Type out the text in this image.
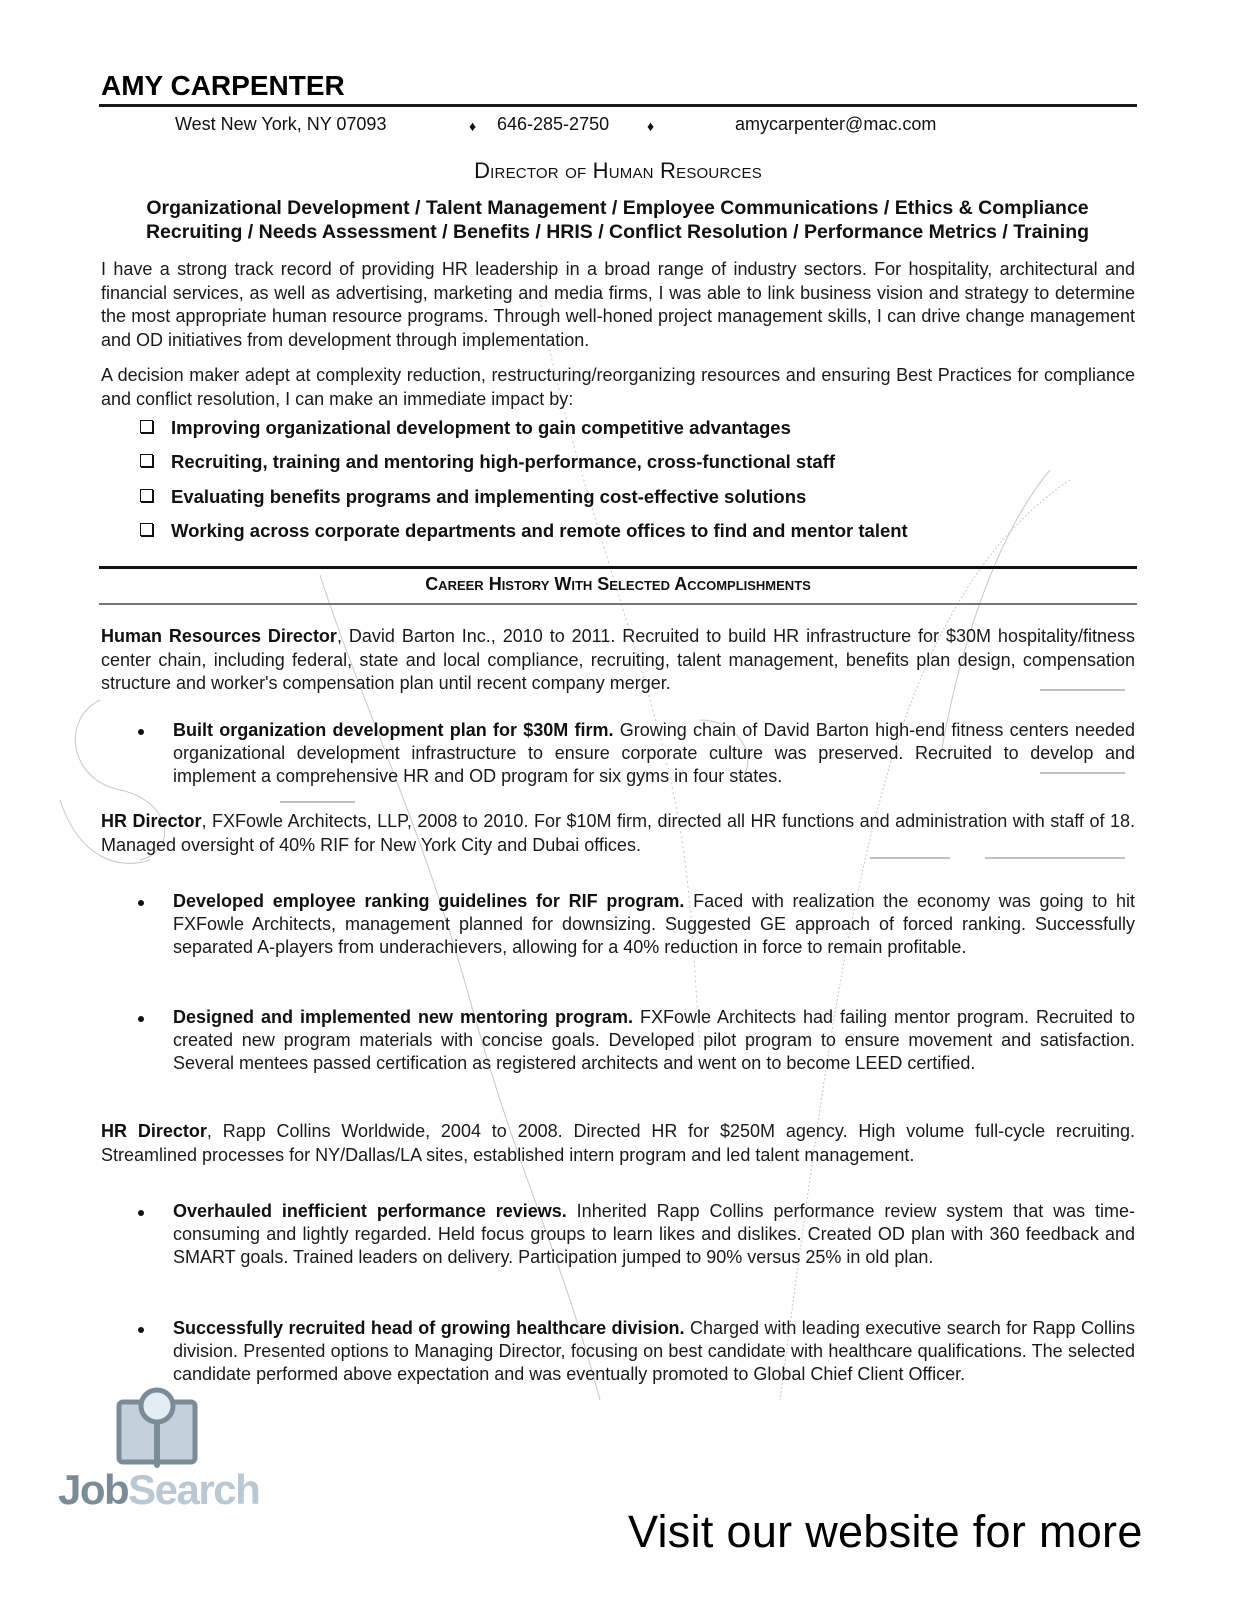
AMY CARPENTER
West New York, NY 07093	♦ 646-285-2750	♦	amycarpenter@mac.com
Director of Human Resources
Organizational Development / Talent Management / Employee Communications / Ethics & Compliance
Recruiting / Needs Assessment / Benefits / HRIS / Conflict Resolution / Performance Metrics / Training
I have a strong track record of providing HR leadership in a broad range of industry sectors. For hospitality, architectural and financial services, as well as advertising, marketing and media firms, I was able to link business vision and strategy to determine the most appropriate human resource programs. Through well-honed project management skills, I can drive change management and OD initiatives from development through implementation.
A decision maker adept at complexity reduction, restructuring/reorganizing resources and ensuring Best Practices for compliance and conflict resolution, I can make an immediate impact by:
Improving organizational development to gain competitive advantages
Recruiting, training and mentoring high-performance, cross-functional staff
Evaluating benefits programs and implementing cost-effective solutions
Working across corporate departments and remote offices to find and mentor talent
Career History With Selected Accomplishments
Human Resources Director, David Barton Inc., 2010 to 2011. Recruited to build HR infrastructure for $30M hospitality/fitness center chain, including federal, state and local compliance, recruiting, talent management, benefits plan design, compensation structure and worker's compensation plan until recent company merger.
Built organization development plan for $30M firm. Growing chain of David Barton high-end fitness centers needed organizational development infrastructure to ensure corporate culture was preserved. Recruited to develop and implement a comprehensive HR and OD program for six gyms in four states.
HR Director, FXFowle Architects, LLP, 2008 to 2010. For $10M firm, directed all HR functions and administration with staff of 18. Managed oversight of 40% RIF for New York City and Dubai offices.
Developed employee ranking guidelines for RIF program. Faced with realization the economy was going to hit FXFowle Architects, management planned for downsizing. Suggested GE approach of forced ranking. Successfully separated A-players from underachievers, allowing for a 40% reduction in force to remain profitable.
Designed and implemented new mentoring program. FXFowle Architects had failing mentor program. Recruited to created new program materials with concise goals. Developed pilot program to ensure movement and satisfaction. Several mentees passed certification as registered architects and went on to become LEED certified.
HR Director, Rapp Collins Worldwide, 2004 to 2008. Directed HR for $250M agency. High volume full-cycle recruiting. Streamlined processes for NY/Dallas/LA sites, established intern program and led talent management.
Overhauled inefficient performance reviews. Inherited Rapp Collins performance review system that was time-consuming and lightly regarded. Held focus groups to learn likes and dislikes. Created OD plan with 360 feedback and SMART goals. Trained leaders on delivery. Participation jumped to 90% versus 25% in old plan.
Successfully recruited head of growing healthcare division. Charged with leading executive search for Rapp Collins division. Presented options to Managing Director, focusing on best candidate with healthcare qualifications. The selected candidate performed above expectation and was eventually promoted to Global Chief Client Officer.
JobSearch
Visit our website for more
